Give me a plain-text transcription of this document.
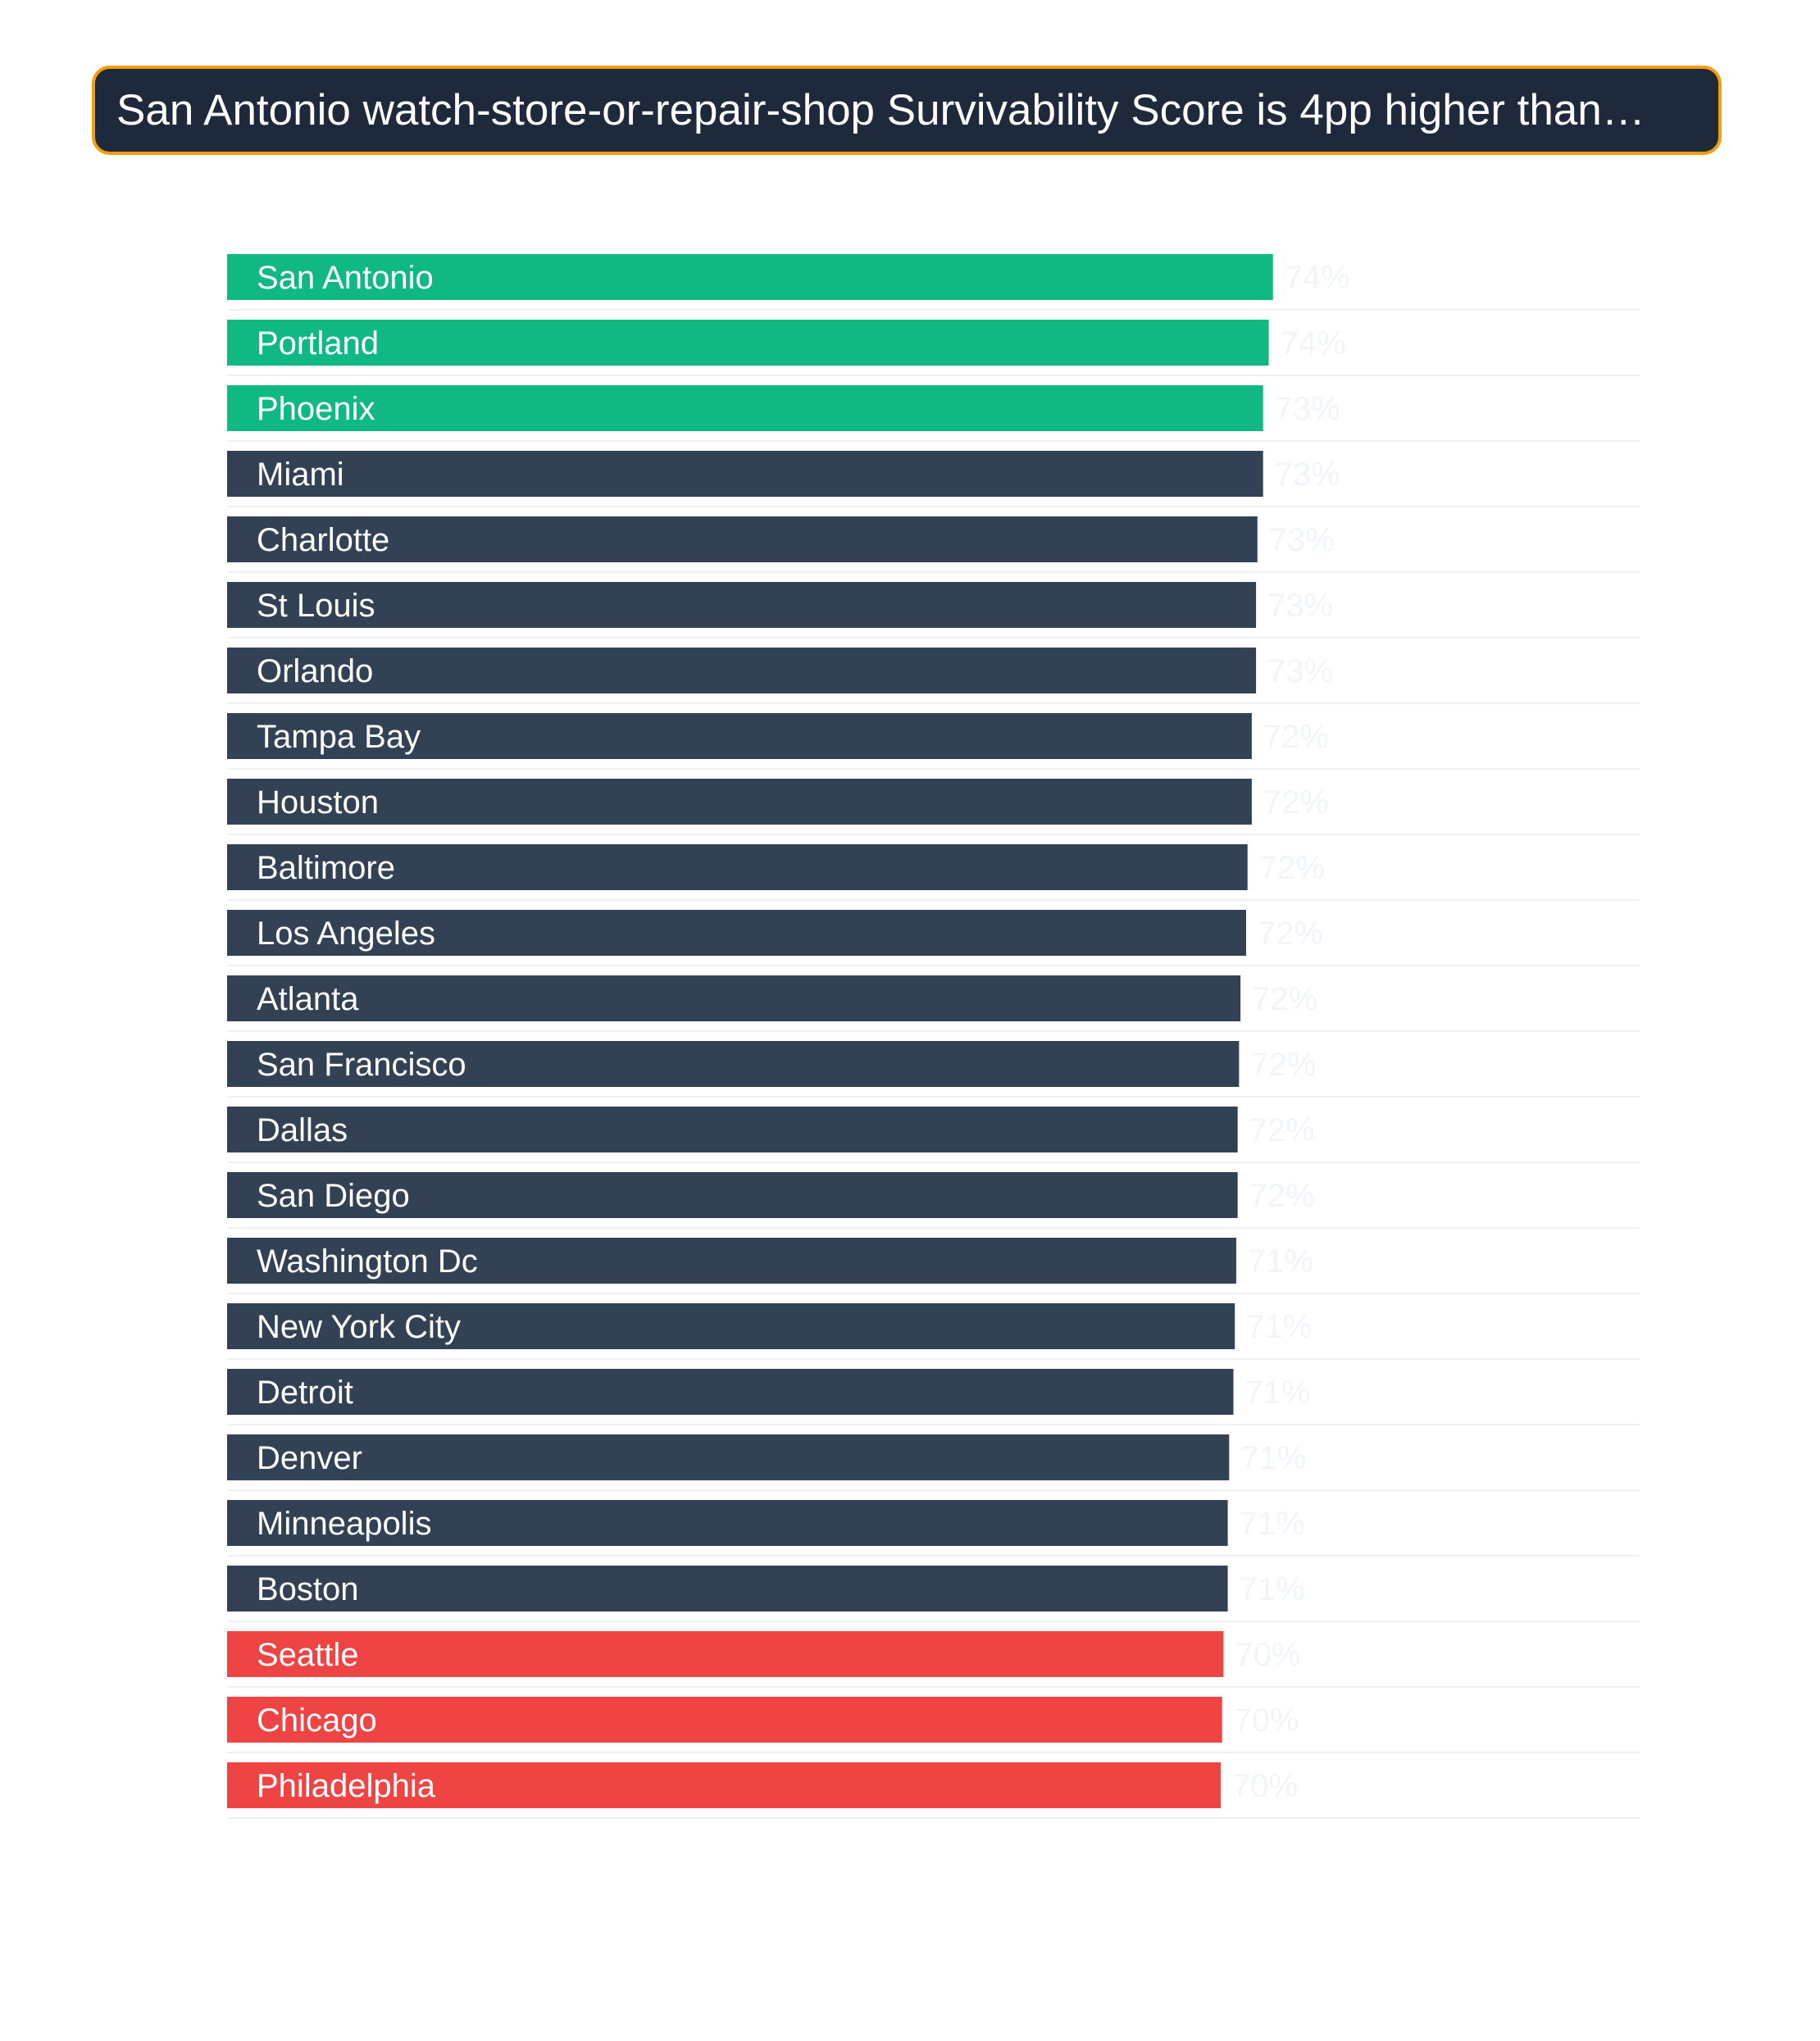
San Antonio watch-store-or-repair-shop Survivability Score is 4pp higher than…
San Antonio	74%
Portland	74%
Phoenix	73%
Miami	73%
Charlotte	73%
St Louis	73%
Orlando	73%
Tampa Bay	72%
Houston	72%
Baltimore	72%
Los Angeles	72%
Atlanta	72%
San Francisco	72%
Dallas	72%
San Diego	72%
Washington Dc	71%
New York City	71%
Detroit	71%
Denver	71%
Minneapolis	71%
Boston	71%
Seattle	70%
Chicago	70%
Philadelphia	70%
